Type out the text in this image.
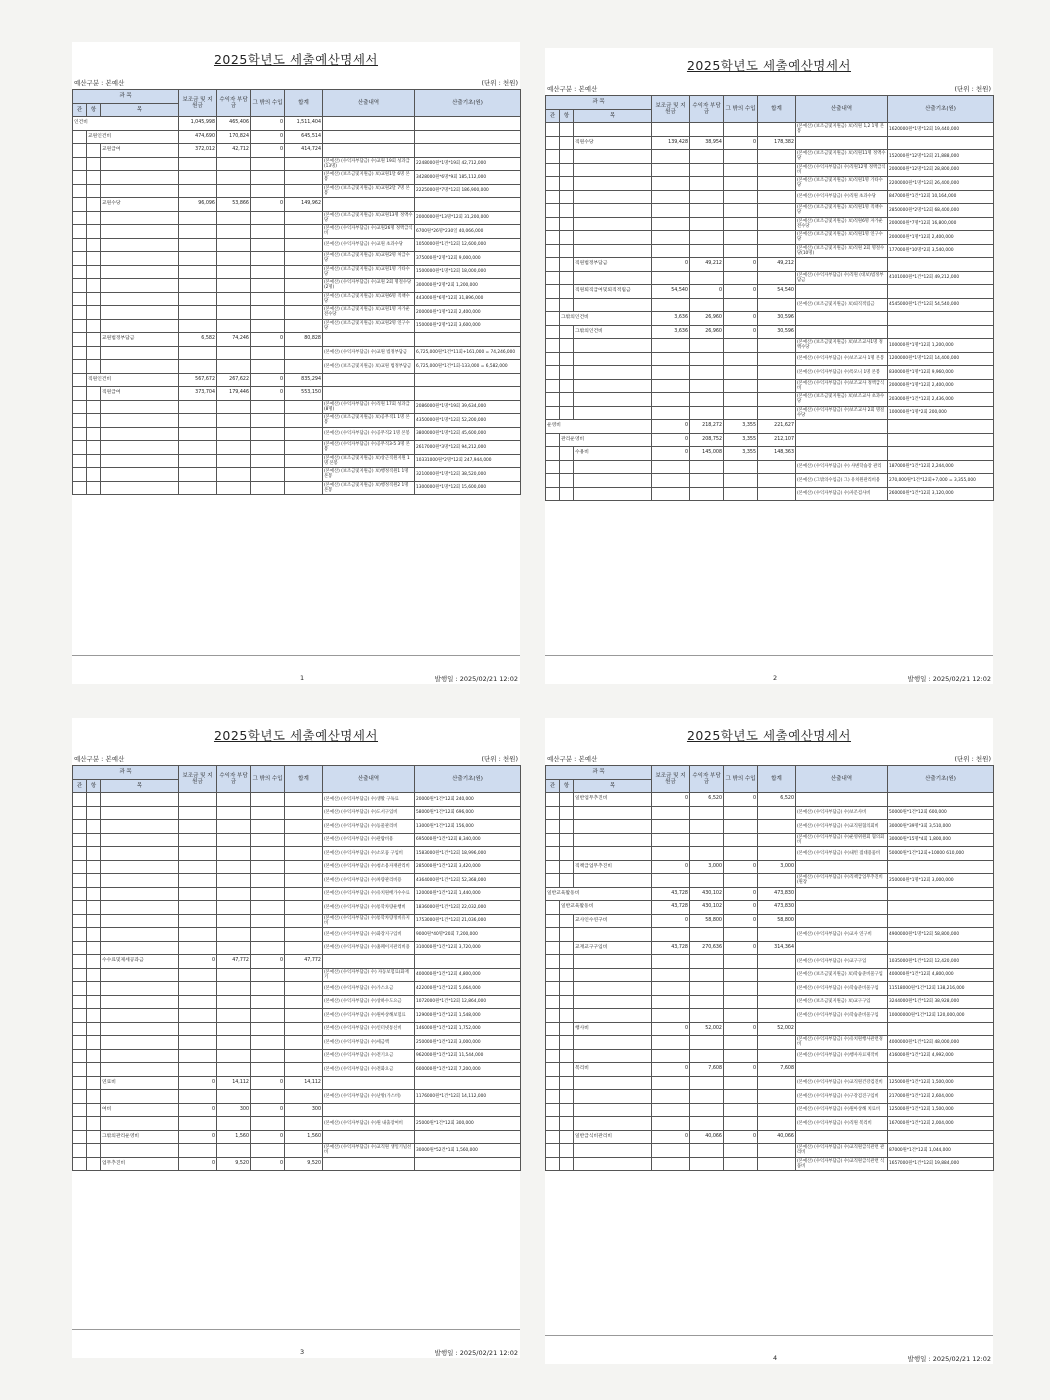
2025학년도 세출예산명세서
예산구분 : 본예산	(단위 : 천원)
과 목			보조금 및 지원금	수익자 부담금	그 밖의 수입	합계	산출내역	산출기초(원)
관	항	목						
인건비			1,045,998	465,406	0	1,511,404		
	교원인건비		474,690	170,824	0	645,514		
		교원급여	372,012	42,712	0	414,724		
							(본예산) (수익자부담금) 수)교원 19회 성과급(13명)	2248000원*1명*19회 42,712,000
							(본예산) (보조금및지원금) 보)교원1달 6명 본봉	3428000원*6명*9회 185,112,000
							(본예산) (보조금및지원금) 보)교원2달 7명 본봉	2225000원*7명*12회 186,900,000
		교원수당	96,096	53,866	0	149,962		
							(본예산) (보조금및지원금) 보)교원13명 정액수당	2000000원*13명*12회 31,200,000
							(본예산) (수익자부담금) 수)교원26명 정액급식비	6700원*26명*230일 40,066,000
							(본예산) (수익자부담금) 수)교원 초과수당	1050000원*1건*12회 12,600,000
							(본예산) (보조금및지원금) 보)교원2명 처급수당	375000원*2명*12회 9,000,000
							(본예산) (보조금및지원금) 보)교원1명 가타수당	1500000원*1명*12회 18,000,000
							(본예산) (수익자부담금) 수)교원 2회 명절수당(2명)	300000원*2명*2회 1,200,000
							(본예산) (보조금및지원금) 보)교원6명 직책수당	443000원*6명*12회 31,896,000
							(본예산) (보조금및지원금) 보)교원1명 자가운전수당	200000원*1명*12회 2,400,000
							(본예산) (보조금및지원금) 보)교원2명 연구수당	150000원*2명*12회 3,600,000
		교원법정부담금	6,582	74,246	0	80,828		
							(본예산) (수익자부담금) 수)교원 법정부담금	6,725,000원*1건*11회+161,000 = 74,246,000
							(본예산) (보조금및지원금) 보)교원 법정부담금	6,725,000원*1건*1회-133,000 = 6,582,000
	직원인건비		567,672	267,622	0	835,294		
		직원급여	373,704	179,446	0	553,150		
							(본예산) (수익자부담금) 수)직원 17회 성과급(8명)	2086000원*1명*19회 39,634,000
							(본예산) (보조금및지원금) 보)공무직1 1명 본봉	4350000원*1명*12회 52,200,000
							(본예산) (수익자부담금) 수)공무직2 1명 본봉	3800000원*1명*12회 45,600,000
							(본예산) (수익자부담금) 수)공무직3-5 3명 본봉	2617000원*3명*12회 94,212,000
							(본예산) (보조금및지원금) 보)상근직원지원 1명 본봉	10331000원*2명*12회 247,944,000
							(본예산) (보조금및지원금) 보)행정직원1 1명 본봉	3210000원*1명*12회 38,520,000
							(본예산) (보조금및지원금) 보)행정직원2 1명 본봉	1300000원*1명*12회 15,600,000
1	발행일 : 2025/02/21 12:02
2025학년도 세출예산명세서
예산구분 : 본예산	(단위 : 천원)
과 목			보조금 및 지원금	수익자 부담금	그 밖의 수입	합계	산출내역	산출기초(원)
관	항	목						
							(본예산) (보조금및지원금) 보)직원 1,2 1명 본봉	1620000원*1명*12회 19,440,000
		직원수당	139,428	38,954	0	178,382		
							(본예산) (보조금및지원금) 보)직원11명 정액수당	152000원*12명*12회 21,888,000
							(본예산) (수익자부담금) 수)직원12명 정액급식비	200000원*12명*12회 28,800,000
							(본예산) (보조금및지원금) 보)직원1명 가타수당	2200000원*1명*12회 26,400,000
							(본예산) (수익자부담금) 수)직원 초과수당	847000원*1건*12회 10,164,000
							(본예산) (보조금및지원금) 보)직원1명 직책수당	2850000원*2명*12회 68,400,000
							(본예산) (보조금및지원금) 보)직원6명 자가운전수당	200000원*7명*12회 16,800,000
							(본예산) (보조금및지원금) 보)직원1명 연구수당	200000원*1명*12회 2,400,000
							(본예산) (보조금및지원금) 보)직원 2회 명절수당(10명)	177000원*10명*2회 3,540,000
		직원법정부담금	0	49,212	0	49,212		
							(본예산) (수익자부담금) 수)직원 (대보)법정부담금	4101000원*1건*12회 49,212,000
		직원퇴직급여및퇴직적립금	54,540	0	0	54,540		
							(본예산) (보조금및지원금) 보)퇴직적립금	4545000원*1건*12회 54,540,000
	그밖의인건비		3,636	26,960	0	30,596		
		그밖의인건비	3,636	26,960	0	30,596		
							(본예산) (보조금및지원금) 보)보조교사1명 정액수당	100000원*1명*12회 1,200,000
							(본예산) (수익자부담금) 수)보조교사 1명 본봉	1200000원*1명*12회 14,400,000
							(본예산) (수익자부담금) 수)특모니 1명 본봉	830000원*1명*12회 9,960,000
							(본예산) (수익자부담금) 수)보조교사 정액급식비	200000원*1명*12회 2,400,000
							(본예산) (보조금및지원금) 보)보조교사 초과수당	203000원*1건*12회 2,436,000
							(본예산) (수익자부담금) 수)보조교사 2회 명절수당	100000원*1명*2회 200,000
운영비			0	218,272	3,355	221,627		
	관리운영비		0	208,752	3,355	212,107		
		수용비	0	145,008	3,355	148,363		
							(본예산) (수익자부담금) 수) 사변학습장 관리	187000원*1건*12회 2,244,000
							(본예산) (그밖의수입금) 그) 유치원관리비용	270,000원*1건*12회+7,000 = 3,355,000
							(본예산) (수익자부담금) 수)자문검사비	260000원*1건*12회 3,120,000
2	발행일 : 2025/02/21 12:02
2025학년도 세출예산명세서
예산구분 : 본예산	(단위 : 천원)
과 목			보조금 및 지원금	수익자 부담금	그 밖의 수입	합계	산출내역	산출기초(원)
관	항	목						
							(본예산) (수익자부담금) 수)생활 구독료	20000원*1건*12회 240,000
							(본예산) (수익자부담금) 수)도서구입비	58000원*1건*12회 696,000
							(본예산) (수익자부담금) 수)동물관리비	13000원*1건*12회 156,000
							(본예산) (수익자부담금) 수)관람비용	695000원*1건*12회 8,340,000
							(본예산) (수익자부담금) 수)소모품 구입비	1583000원*1건*12회 18,996,000
							(본예산) (수익자부담금) 수)청소용자재관리비	285000원*1건*12회 3,420,000
							(본예산) (수익자부담금) 수)차량관리비용	4364000원*1건*12회 52,368,000
							(본예산) (수익자부담금) 수)유치원배가수수료	120000원*1건*12회 1,440,000
							(본예산) (수익자부담금) 수)통학차량운행비	1836000원*1건*12회 22,032,000
							(본예산) (수익자부담금) 수)통학차량정비유지비	1753000원*1건*12회 21,036,000
							(본예산) (수익자부담금) 수)화장지구입비	9000원*40명*20회 7,200,000
							(본예산) (수익자부담금) 수)홈페이지관리비용	310000원*1건*12회 3,720,000
		수수료및제세공과금	0	47,772	0	47,772		
							(본예산) (수익자부담금) 수) 자동보험료(화재 기	400000원*1건*12회 4,800,000
							(본예산) (수익자부담금) 수)가스요금	422000원*1건*12회 5,064,000
							(본예산) (수익자부담금) 수)상하수도요금	1072000원*1건*12회 12,864,000
							(본예산) (수익자부담금) 수)원아상해보험료	129000원*1건*12회 1,548,000
							(본예산) (수익자부담금) 수)인터넷통신비	146000원*1건*12회 1,752,000
							(본예산) (수익자부담금) 수)세금액	250000원*1건*12회 3,000,000
							(본예산) (수익자부담금) 수)전기요금	962000원*1건*12회 11,544,000
							(본예산) (수익자부담금) 수)전화요금	600000원*1건*12회 7,200,000
		연료비	0	14,112	0	14,112		
							(본예산) (수익자부담금) 수)난방(가스비)	1176000원*1건*12회 14,112,000
		여비	0	300	0	300		
							(본예산) (수익자부담금) 수)원 내출장여비	25000원*1건*12회 300,000
		그밖의관리운영비	0	1,560	0	1,560		
							(본예산) (수익자부담금) 수)교직원 생일기념선비	30000원*52건*1회 1,560,000
		업무추진비	0	9,520	0	9,520		
3	발행일 : 2025/02/21 12:02
2025학년도 세출예산명세서
예산구분 : 본예산	(단위 : 천원)
과 목			보조금 및 지원금	수익자 부담금	그 밖의 수입	합계	산출내역	산출기초(원)
관	항	목						
		일반업무추진비	0	6,520	0	6,520		
							(본예산) (수익자부담금) 수)보조사비	50000원*1건*12회 600,000
							(본예산) (수익자부담금) 수)교직원협의회비	30000원*39명*3회 3,510,000
							(본예산) (수익자부담금) 수)운영위원회 협의회비	30000원*15명*4회 1,800,000
							(본예산) (수익자부담금) 수)내빈 접대용품비	50000원*1건*12회+10000 610,000
		직책급업무추진비	0	3,000	0	3,000		
							(본예산) (수익자부담금) 수)직책급업무추진비(원장	250000원*1명*12회 3,000,000
일반교육활동비			43,728	430,102	0	473,830		
	일반교육활동비		43,728	430,102	0	473,830		
		교사인수연구비	0	58,800	0	58,800		
							(본예산) (수익자부담금) 수)교사 연구비	4900000원*1명*12회 58,800,000
		교재교구구입비	43,728	270,636	0	314,364		
							(본예산) (수익자부담금) 수)교구구입	1035000원*1건*12회 12,420,000
							(본예산) (보조금및지원금) 보)학습준비물구입	400000원*1건*12회 4,800,000
							(본예산) (수익자부담금) 수)학습준비물구입	11518000원*1건*12회 138,216,000
							(본예산) (보조금및지원금) 보)교구구입	3244000원*1건*12회 38,928,000
							(본예산) (수익자부담금) 수)학습준비물구입	10000000원*1건*12회 120,000,000
		행사비	0	52,002	0	52,002		
							(본예산) (수익자부담금) 수)유치원행사관련경비	4000000원*1건*12회 48,000,000
							(본예산) (수익자부담금) 수)행사자료제작비	416000원*1건*12회 4,992,000
		복리비	0	7,608	0	7,608		
							(본예산) (수익자부담금) 수)교직원건강검진비	125000원*1건*12회 1,500,000
							(본예산) (수익자부담금) 수)구강검진구입비	217000원*1건*12회 2,604,000
							(본예산) (수익자부담금) 수)원아상해 치료비	125000원*1건*12회 1,500,000
							(본예산) (수익자부담금) 수)직원 복리비	167000원*1건*12회 2,004,000
		일반급식비관리비	0	40,066	0	40,066		
							(본예산) (수익자부담금) 수)교직원급식관련 관리비	87000원*1건*12회 1,044,000
							(본예산) (수익자부담금) 수)교직원급식관련 식품비	1657000원*1건*12회 19,884,000
4	발행일 : 2025/02/21 12:02
